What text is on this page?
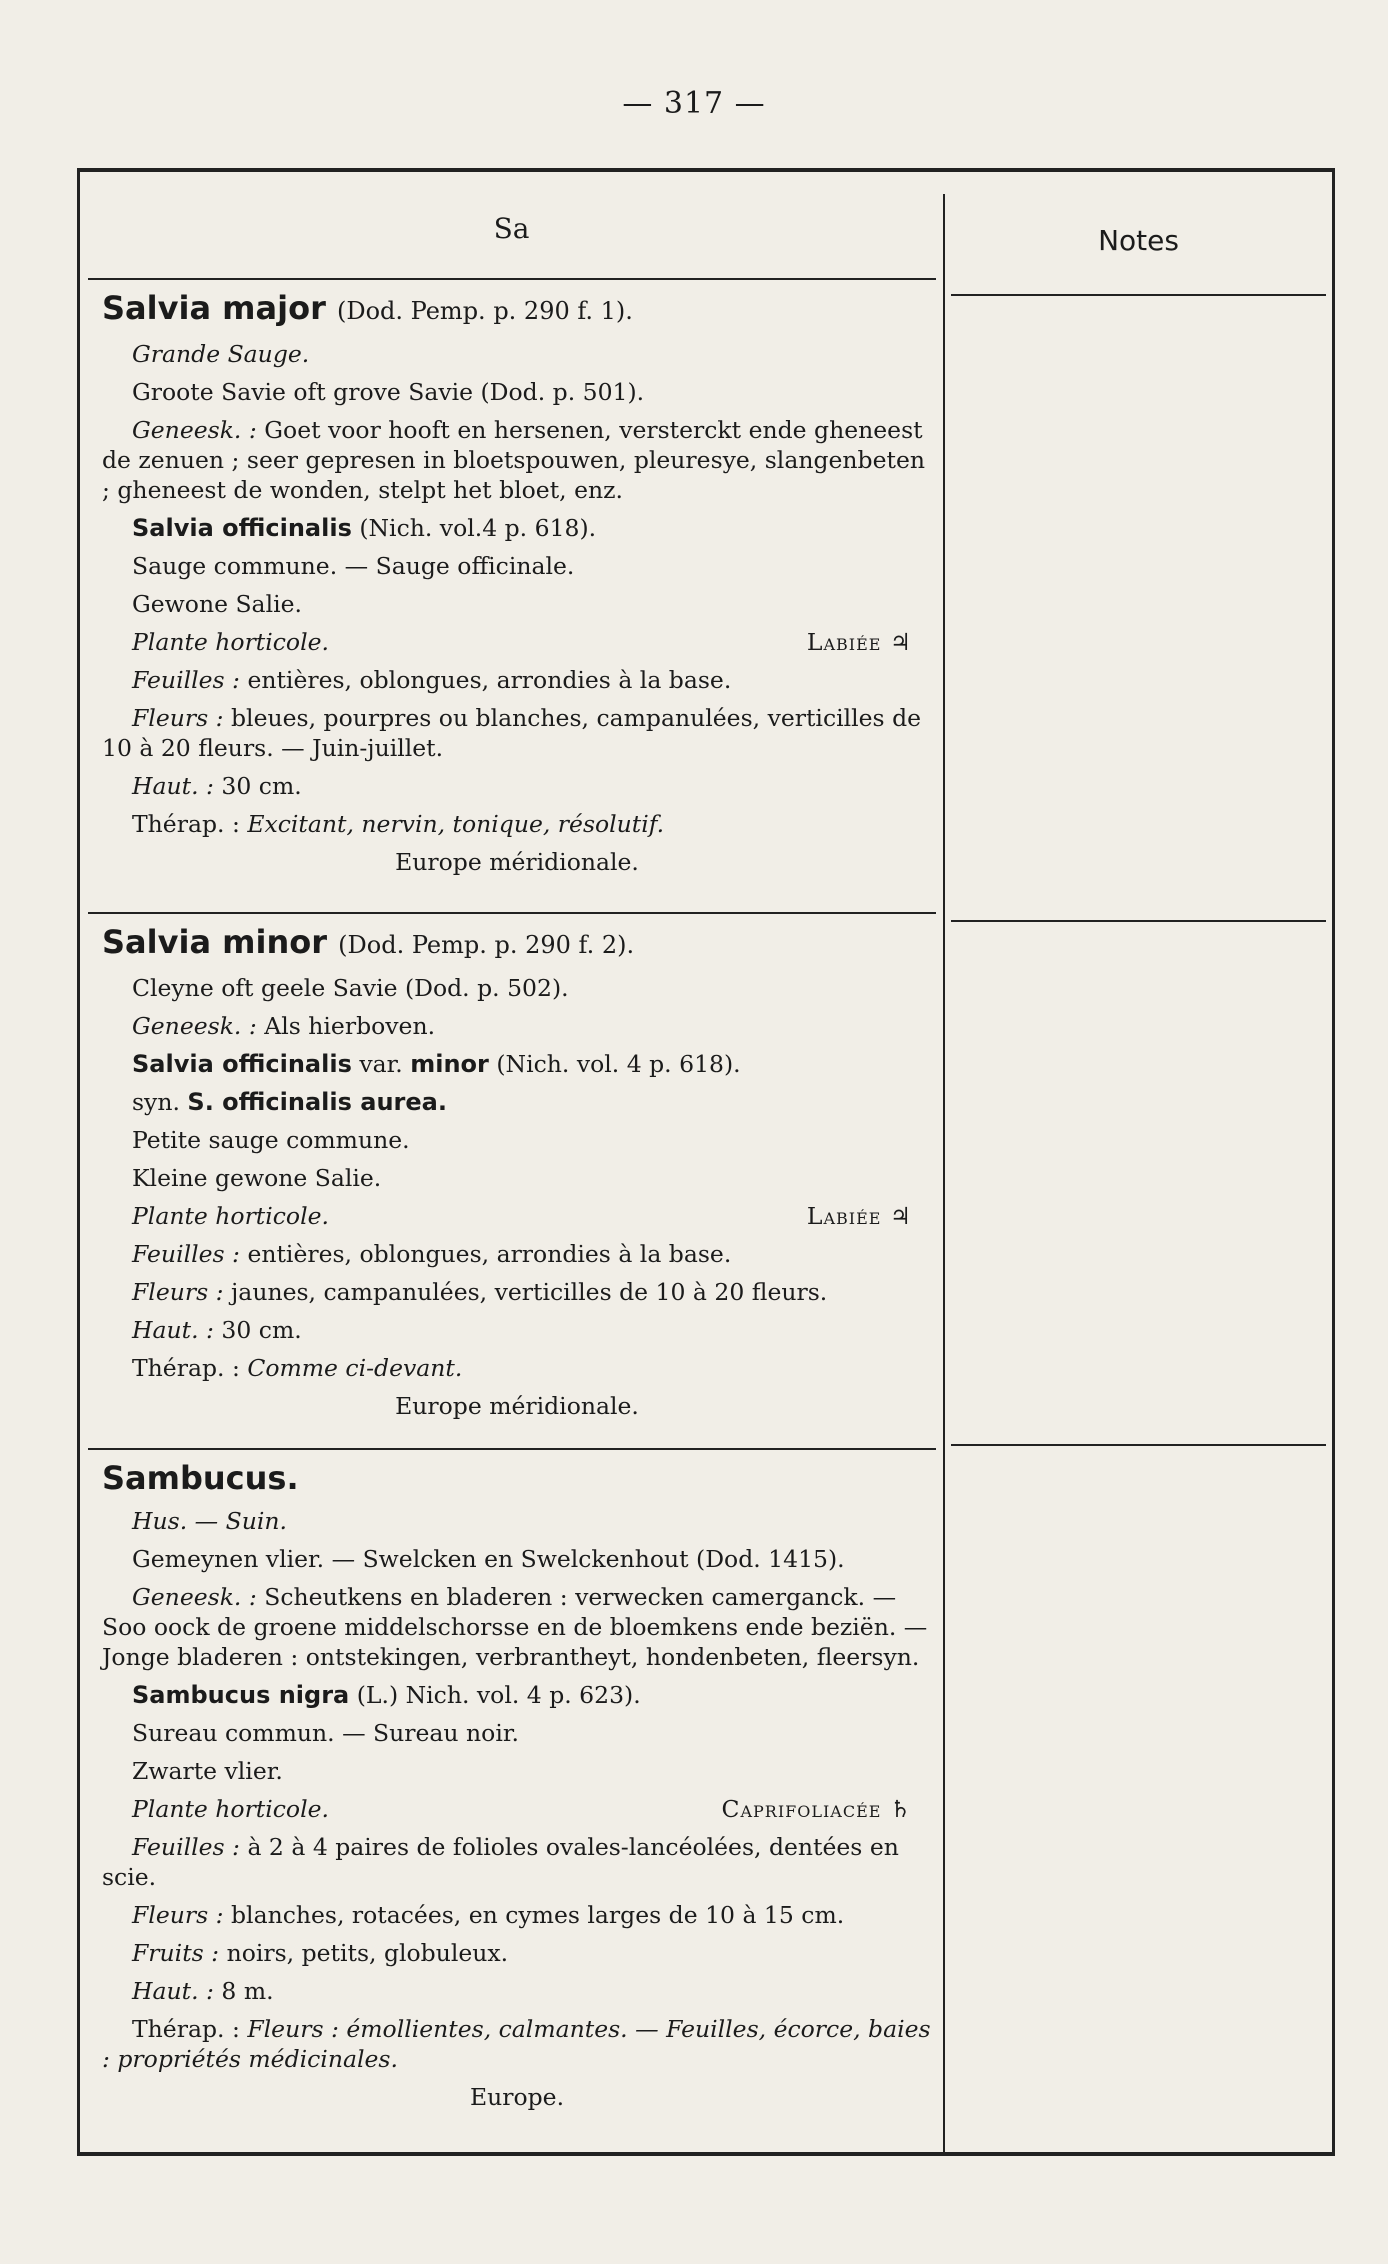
— 317 —
Sa	Notes

Salvia major (Dod. Pemp. p. 290 f. 1).

Grande Sauge.

Groote Savie oft grove Savie (Dod. p. 501).

Geneesk. : Goet voor hooft en hersenen, versterckt ende gheneest de zenuen ; seer gepresen in bloetspouwen, pleuresye, slangenbeten ; gheneest de wonden, stelpt het bloet, enz.

Salvia officinalis (Nich. vol.4 p. 618).

Sauge commune. — Sauge officinale.

Gewone Salie.

Plante horticole.	Labiée ♃

Feuilles : entières, oblongues, arrondies à la base.

Fleurs : bleues, pourpres ou blanches, campanulées, verticilles de 10 à 20 fleurs. — Juin-juillet.

Haut. : 30 cm.

Thérap. : Excitant, nervin, tonique, résolutif.

Europe méridionale.

Salvia minor (Dod. Pemp. p. 290 f. 2).

Cleyne oft geele Savie (Dod. p. 502).

Geneesk. : Als hierboven.

Salvia officinalis var. minor (Nich. vol. 4 p. 618).

syn. S. officinalis aurea.

Petite sauge commune.

Kleine gewone Salie.

Plante horticole.	Labiée ♃

Feuilles : entières, oblongues, arrondies à la base.

Fleurs : jaunes, campanulées, verticilles de 10 à 20 fleurs.

Haut. : 30 cm.

Thérap. : Comme ci-devant.

Europe méridionale.

Sambucus.

Hus. — Suin.

Gemeynen vlier. — Swelcken en Swelckenhout (Dod. 1415).

Geneesk. : Scheutkens en bladeren : verwecken camerganck. — Soo oock de groene middelschorsse en de bloemkens ende beziën. — Jonge bladeren : ontstekingen, verbrantheyt, hondenbeten, fleersyn.

Sambucus nigra (L.) Nich. vol. 4 p. 623).

Sureau commun. — Sureau noir.

Zwarte vlier.

Plante horticole.	Caprifoliacée ♄

Feuilles : à 2 à 4 paires de folioles ovales-lancéolées, dentées en scie.

Fleurs : blanches, rotacées, en cymes larges de 10 à 15 cm.

Fruits : noirs, petits, globuleux.

Haut. : 8 m.

Thérap. : Fleurs : émollientes, calmantes. — Feuilles, écorce, baies : propriétés médicinales.

Europe.
